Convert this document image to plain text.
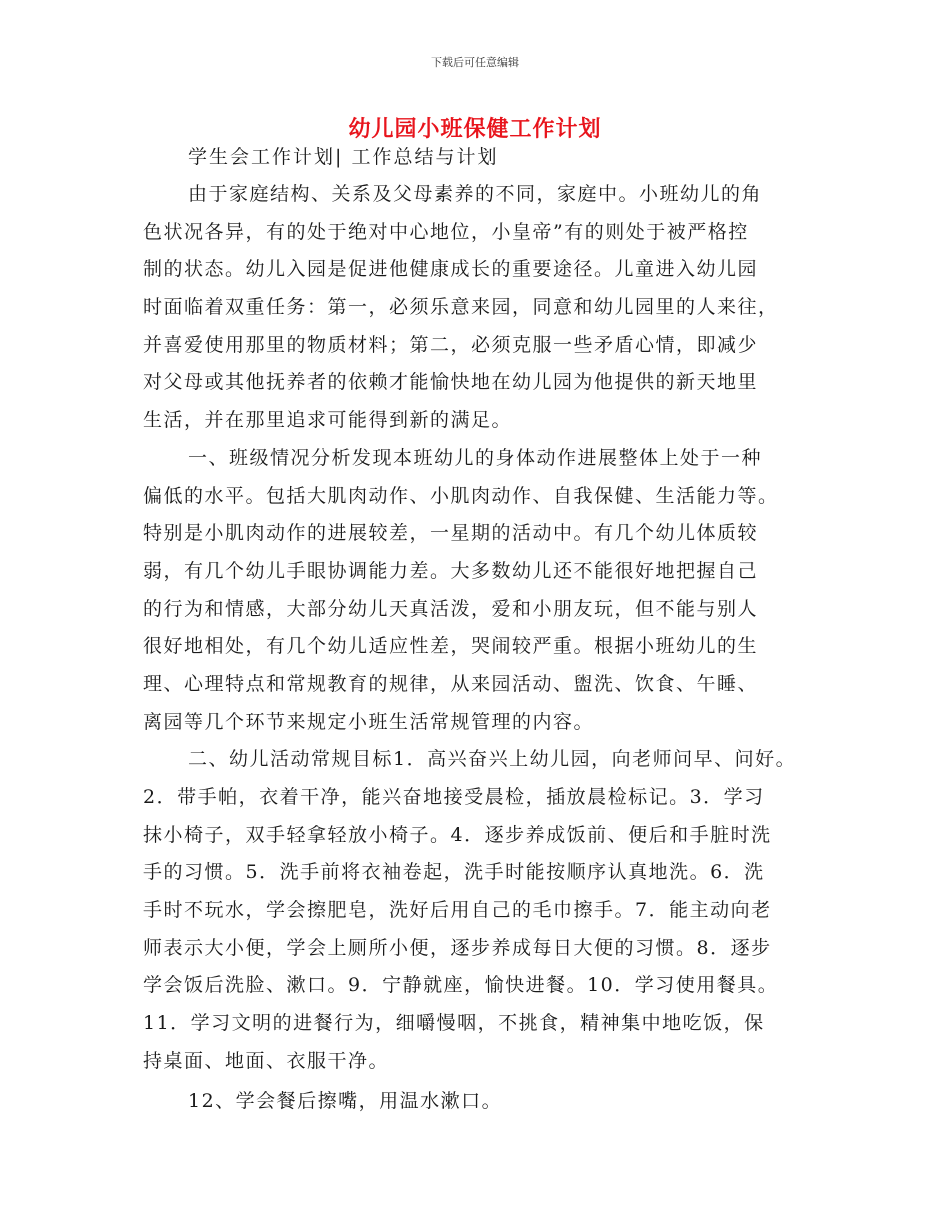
下载后可任意编辑
幼儿园小班保健工作计划
学生会工作计划| 工作总结与计划
由于家庭结构、关系及父母素养的不同，家庭中。小班幼儿的角
色状况各异，有的处于绝对中心地位，小皇帝”有的则处于被严格控
制的状态。幼儿入园是促进他健康成长的重要途径。儿童进入幼儿园
时面临着双重任务：第一，必须乐意来园，同意和幼儿园里的人来往，
并喜爱使用那里的物质材料；第二，必须克服一些矛盾心情，即减少
对父母或其他抚养者的依赖才能愉快地在幼儿园为他提供的新天地里
生活，并在那里追求可能得到新的满足。
一、班级情况分析发现本班幼儿的身体动作进展整体上处于一种
偏低的水平。包括大肌肉动作、小肌肉动作、自我保健、生活能力等。
特别是小肌肉动作的进展较差，一星期的活动中。有几个幼儿体质较
弱，有几个幼儿手眼协调能力差。大多数幼儿还不能很好地把握自己
的行为和情感，大部分幼儿天真活泼，爱和小朋友玩，但不能与别人
很好地相处，有几个幼儿适应性差，哭闹较严重。根据小班幼儿的生
理、心理特点和常规教育的规律，从来园活动、盥洗、饮食、午睡、
离园等几个环节来规定小班生活常规管理的内容。
二、幼儿活动常规目标1．高兴奋兴上幼儿园，向老师问早、问好。
2．带手帕，衣着干净，能兴奋地接受晨检，插放晨检标记。3．学习
抹小椅子，双手轻拿轻放小椅子。4．逐步养成饭前、便后和手脏时洗
手的习惯。5．洗手前将衣袖卷起，洗手时能按顺序认真地洗。6．洗
手时不玩水，学会擦肥皂，洗好后用自己的毛巾擦手。7．能主动向老
师表示大小便，学会上厕所小便，逐步养成每日大便的习惯。8．逐步
学会饭后洗脸、漱口。9．宁静就座，愉快进餐。10．学习使用餐具。
11．学习文明的进餐行为，细嚼慢咽，不挑食，精神集中地吃饭，保
持桌面、地面、衣服干净。
12、学会餐后擦嘴，用温水漱口。
